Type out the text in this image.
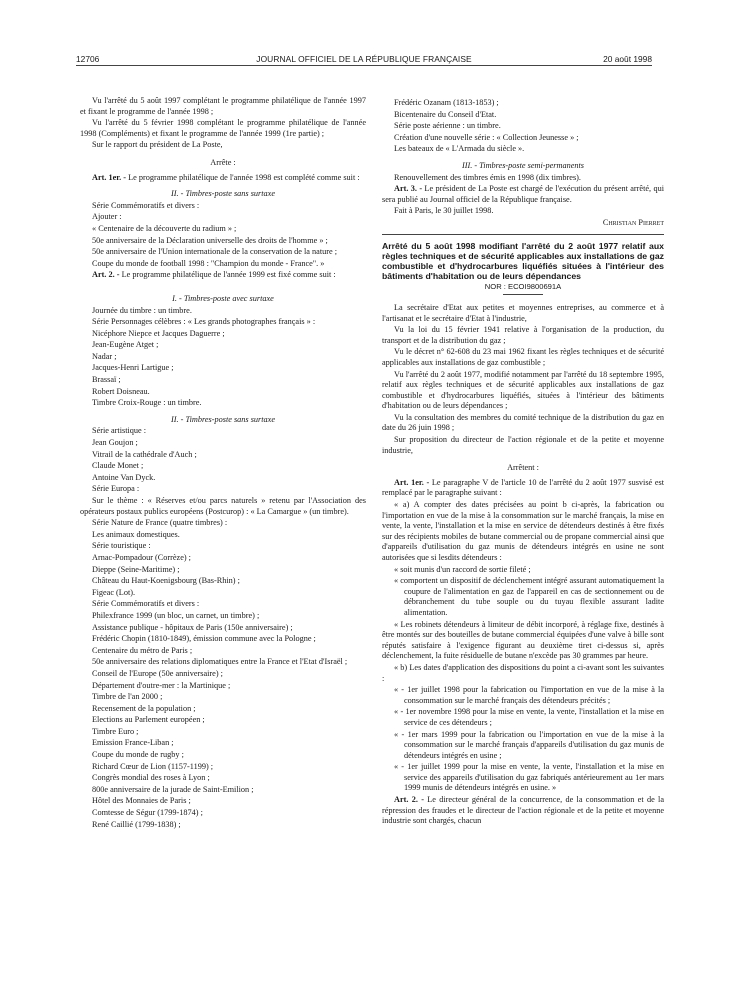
12706	JOURNAL OFFICIEL DE LA RÉPUBLIQUE FRANÇAISE	20 août 1998

Vu l'arrêté du 5 août 1997 complétant le programme philatélique de l'année 1997 et fixant le programme de l'année 1998 ;

Vu l'arrêté du 5 février 1998 complétant le programme philatélique de l'année 1998 (Compléments) et fixant le programme de l'année 1999 (1re partie) ;

Sur le rapport du président de La Poste,

Arrête :

Art. 1er. - Le programme philatélique de l'année 1998 est complété comme suit :

II. - Timbres-poste sans surtaxe

Série Commémoratifs et divers :

Ajouter :

« Centenaire de la découverte du radium » ;

50e anniversaire de la Déclaration universelle des droits de l'homme » ;

50e anniversaire de l'Union internationale de la conservation de la nature ;

Coupe du monde de football 1998 : "Champion du monde - France". »

Art. 2. - Le programme philatélique de l'année 1999 est fixé comme suit :

I. - Timbres-poste avec surtaxe

Journée du timbre : un timbre.

Série Personnages célèbres : « Les grands photographes français » :

Nicéphore Niepce et Jacques Daguerre ;

Jean-Eugène Atget ;

Nadar ;

Jacques-Henri Lartigue ;

Brassaï ;

Robert Doisneau.

Timbre Croix-Rouge : un timbre.

II. - Timbres-poste sans surtaxe

Série artistique :

Jean Goujon ;

Vitrail de la cathédrale d'Auch ;

Claude Monet ;

Antoine Van Dyck.

Série Europa :

Sur le thème : « Réserves et/ou parcs naturels » retenu par l'Association des opérateurs postaux publics européens (Postcurop) : « La Camargue » (un timbre).

Série Nature de France (quatre timbres) :

Les animaux domestiques.

Série touristique :

Arnac-Pompadour (Corrèze) ;

Dieppe (Seine-Maritime) ;

Château du Haut-Koenigsbourg (Bas-Rhin) ;

Figeac (Lot).

Série Commémoratifs et divers :

Philexfrance 1999 (un bloc, un carnet, un timbre) ;

Assistance publique - hôpitaux de Paris (150e anniversaire) ;

Frédéric Chopin (1810-1849), émission commune avec la Pologne ;

Centenaire du métro de Paris ;

50e anniversaire des relations diplomatiques entre la France et l'Etat d'Israël ;

Conseil de l'Europe (50e anniversaire) ;

Département d'outre-mer : la Martinique ;

Timbre de l'an 2000 ;

Recensement de la population ;

Elections au Parlement européen ;

Timbre Euro ;

Emission France-Liban ;

Coupe du monde de rugby ;

Richard Cœur de Lion (1157-1199) ;

Congrès mondial des roses à Lyon ;

800e anniversaire de la jurade de Saint-Emilion ;

Hôtel des Monnaies de Paris ;

Comtesse de Ségur (1799-1874) ;

René Caillié (1799-1838) ;

Frédéric Ozanam (1813-1853) ;

Bicentenaire du Conseil d'Etat.

Série poste aérienne : un timbre.

Création d'une nouvelle série : « Collection Jeunesse » ;

Les bateaux de « L'Armada du siècle ».

III. - Timbres-poste semi-permanents

Renouvellement des timbres émis en 1998 (dix timbres).

Art. 3. - Le président de La Poste est chargé de l'exécution du présent arrêté, qui sera publié au Journal officiel de la République française.

Fait à Paris, le 30 juillet 1998.

Christian Pierret

Arrêté du 5 août 1998 modifiant l'arrêté du 2 août 1977 relatif aux règles techniques et de sécurité applicables aux installations de gaz combustible et d'hydrocarbures liquéfiés situées à l'intérieur des bâtiments d'habitation ou de leurs dépendances

NOR : ECOI9800691A

La secrétaire d'Etat aux petites et moyennes entreprises, au commerce et à l'artisanat et le secrétaire d'Etat à l'industrie,

Vu la loi du 15 février 1941 relative à l'organisation de la production, du transport et de la distribution du gaz ;

Vu le décret n° 62-608 du 23 mai 1962 fixant les règles techniques et de sécurité applicables aux installations de gaz combustible ;

Vu l'arrêté du 2 août 1977, modifié notamment par l'arrêté du 18 septembre 1995, relatif aux règles techniques et de sécurité applicables aux installations de gaz combustible et d'hydrocarbures liquéfiés, situées à l'intérieur des bâtiments d'habitation ou de leurs dépendances ;

Vu la consultation des membres du comité technique de la distribution du gaz en date du 26 juin 1998 ;

Sur proposition du directeur de l'action régionale et de la petite et moyenne industrie,

Arrêtent :

Art. 1er. - Le paragraphe V de l'article 10 de l'arrêté du 2 août 1977 susvisé est remplacé par le paragraphe suivant :

« a) A compter des dates précisées au point b ci-après, la fabrication ou l'importation en vue de la mise à la consommation sur le marché français, la mise en vente, la vente, l'installation et la mise en service de détendeurs destinés à être fixés sur des récipients mobiles de butane commercial ou de propane commercial ainsi que d'appareils d'utilisation du gaz munis de détendeurs intégrés en usine ne sont autorisées que si lesdits détendeurs :

« soit munis d'un raccord de sortie fileté ;

« comportent un dispositif de déclenchement intégré assurant automatiquement la coupure de l'alimentation en gaz de l'appareil en cas de sectionnement ou de débranchement du tube souple ou du tuyau flexible assurant ladite alimentation.

« Les robinets détendeurs à limiteur de débit incorporé, à réglage fixe, destinés à être montés sur des bouteilles de butane commercial équipées d'une valve à bille sont réputés satisfaire à l'exigence figurant au deuxième tiret ci-dessus si, après déclenchement, la fuite résiduelle de butane n'excède pas 30 grammes par heure.

« b) Les dates d'application des dispositions du point a ci-avant sont les suivantes :

« - 1er juillet 1998 pour la fabrication ou l'importation en vue de la mise à la consommation sur le marché français des détendeurs précités ;

« - 1er novembre 1998 pour la mise en vente, la vente, l'installation et la mise en service de ces détendeurs ;

« - 1er mars 1999 pour la fabrication ou l'importation en vue de la mise à la consommation sur le marché français d'appareils d'utilisation du gaz munis de détendeurs intégrés en usine ;

« - 1er juillet 1999 pour la mise en vente, la vente, l'installation et la mise en service des appareils d'utilisation du gaz fabriqués antérieurement au 1er mars 1999 munis de détendeurs intégrés en usine. »

Art. 2. - Le directeur général de la concurrence, de la consommation et de la répression des fraudes et le directeur de l'action régionale et de la petite et moyenne industrie sont chargés, chacun
